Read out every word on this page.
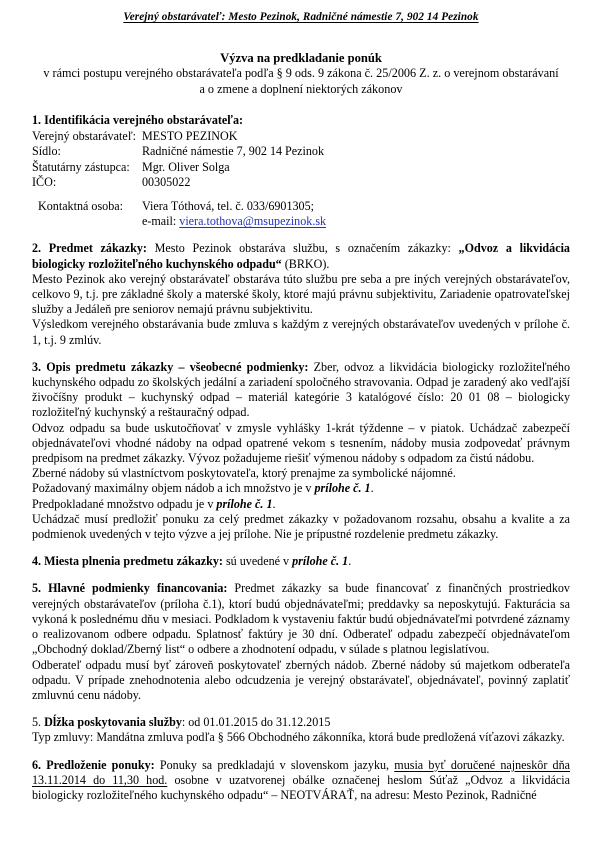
Verejný obstarávateľ: Mesto Pezinok, Radničné námestie 7, 902 14 Pezinok
Výzva na predkladanie ponúk
v rámci postupu verejného obstarávateľa podľa § 9 ods. 9 zákona č. 25/2006 Z. z. o verejnom obstarávaní
a o zmene a doplnení niektorých zákonov
1. Identifikácia verejného obstarávateľa:
Verejný obstarávateľ:	MESTO PEZINOK
Sídlo:	Radničné námestie 7, 902 14 Pezinok
Štatutárny zástupca:	Mgr. Oliver Solga
IČO:	00305022

Kontaktná osoba:	Viera Tóthová, tel. č. 033/6901305;
	e-mail: viera.tothova@msupezinok.sk

2. Predmet zákazky: Mesto Pezinok obstaráva službu, s označením zákazky: „Odvoz a likvidácia biologicky rozložiteľného kuchynského odpadu“ (BRKO).

Mesto Pezinok ako verejný obstarávateľ obstaráva túto službu pre seba a pre iných verejných obstarávateľov, celkovo 9, t.j. pre základné školy a materské školy, ktoré majú právnu subjektivitu, Zariadenie opatrovateľskej služby a Jedáleň pre seniorov nemajú právnu subjektivitu.

Výsledkom verejného obstarávania bude zmluva s každým z verejných obstarávateľov uvedených v prílohe č. 1, t.j. 9 zmlúv.

3. Opis predmetu zákazky – všeobecné podmienky: Zber, odvoz a likvidácia biologicky rozložiteľného kuchynského odpadu zo školských jedální a zariadení spoločného stravovania. Odpad je zaradený ako vedľajší živočíšny produkt – kuchynský odpad – materiál kategórie 3 katalógové číslo: 20 01 08 – biologicky rozložiteľný kuchynský a reštauračný odpad.

Odvoz odpadu sa bude uskutočňovať v zmysle vyhlášky 1-krát týždenne – v piatok. Uchádzač zabezpečí objednávateľovi vhodné nádoby na odpad opatrené vekom s tesnením, nádoby musia zodpovedať právnym predpisom na predmet zákazky. Vývoz požadujeme riešiť výmenou nádoby s odpadom za čistú nádobu.

Zberné nádoby sú vlastníctvom poskytovateľa, ktorý prenajme za symbolické nájomné.

Požadovaný maximálny objem nádob a ich množstvo je v prílohe č. 1.

Predpokladané množstvo odpadu je v prílohe č. 1.

Uchádzač musí predložiť ponuku za celý predmet zákazky v požadovanom rozsahu, obsahu a kvalite a za podmienok uvedených v tejto výzve a jej prílohe. Nie je prípustné rozdelenie predmetu zákazky.

4. Miesta plnenia predmetu zákazky: sú uvedené v prílohe č. 1.

5. Hlavné podmienky financovania: Predmet zákazky sa bude financovať z finančných prostriedkov verejných obstarávateľov (príloha č.1), ktorí budú objednávateľmi; preddavky sa neposkytujú. Fakturácia sa vykoná k poslednému dňu v mesiaci. Podkladom k vystaveniu faktúr budú objednávateľmi potvrdené záznamy o realizovanom odbere odpadu. Splatnosť faktúry je 30 dní. Odberateľ odpadu zabezpečí objednávateľom „Obchodný doklad/Zberný list“ o odbere a zhodnotení odpadu, v súlade s platnou legislatívou.

Odberateľ odpadu musí byť zároveň poskytovateľ zberných nádob. Zberné nádoby sú majetkom odberateľa odpadu. V prípade znehodnotenia alebo odcudzenia je verejný obstarávateľ, objednávateľ, povinný zaplatiť zmluvnú cenu nádoby.

5. Dĺžka poskytovania služby: od 01.01.2015 do 31.12.2015

Typ zmluvy: Mandátna zmluva podľa § 566 Obchodného zákonníka, ktorá bude predložená víťazovi zákazky.

6. Predloženie ponuky: Ponuky sa predkladajú v slovenskom jazyku, musia byť doručené najneskôr dňa 13.11.2014 do 11,30 hod. osobne v uzatvorenej obálke označenej heslom Súťaž „Odvoz a likvidácia biologicky rozložiteľného kuchynského odpadu“ – NEOTVÁRAŤ, na adresu: Mesto Pezinok, Radničné
